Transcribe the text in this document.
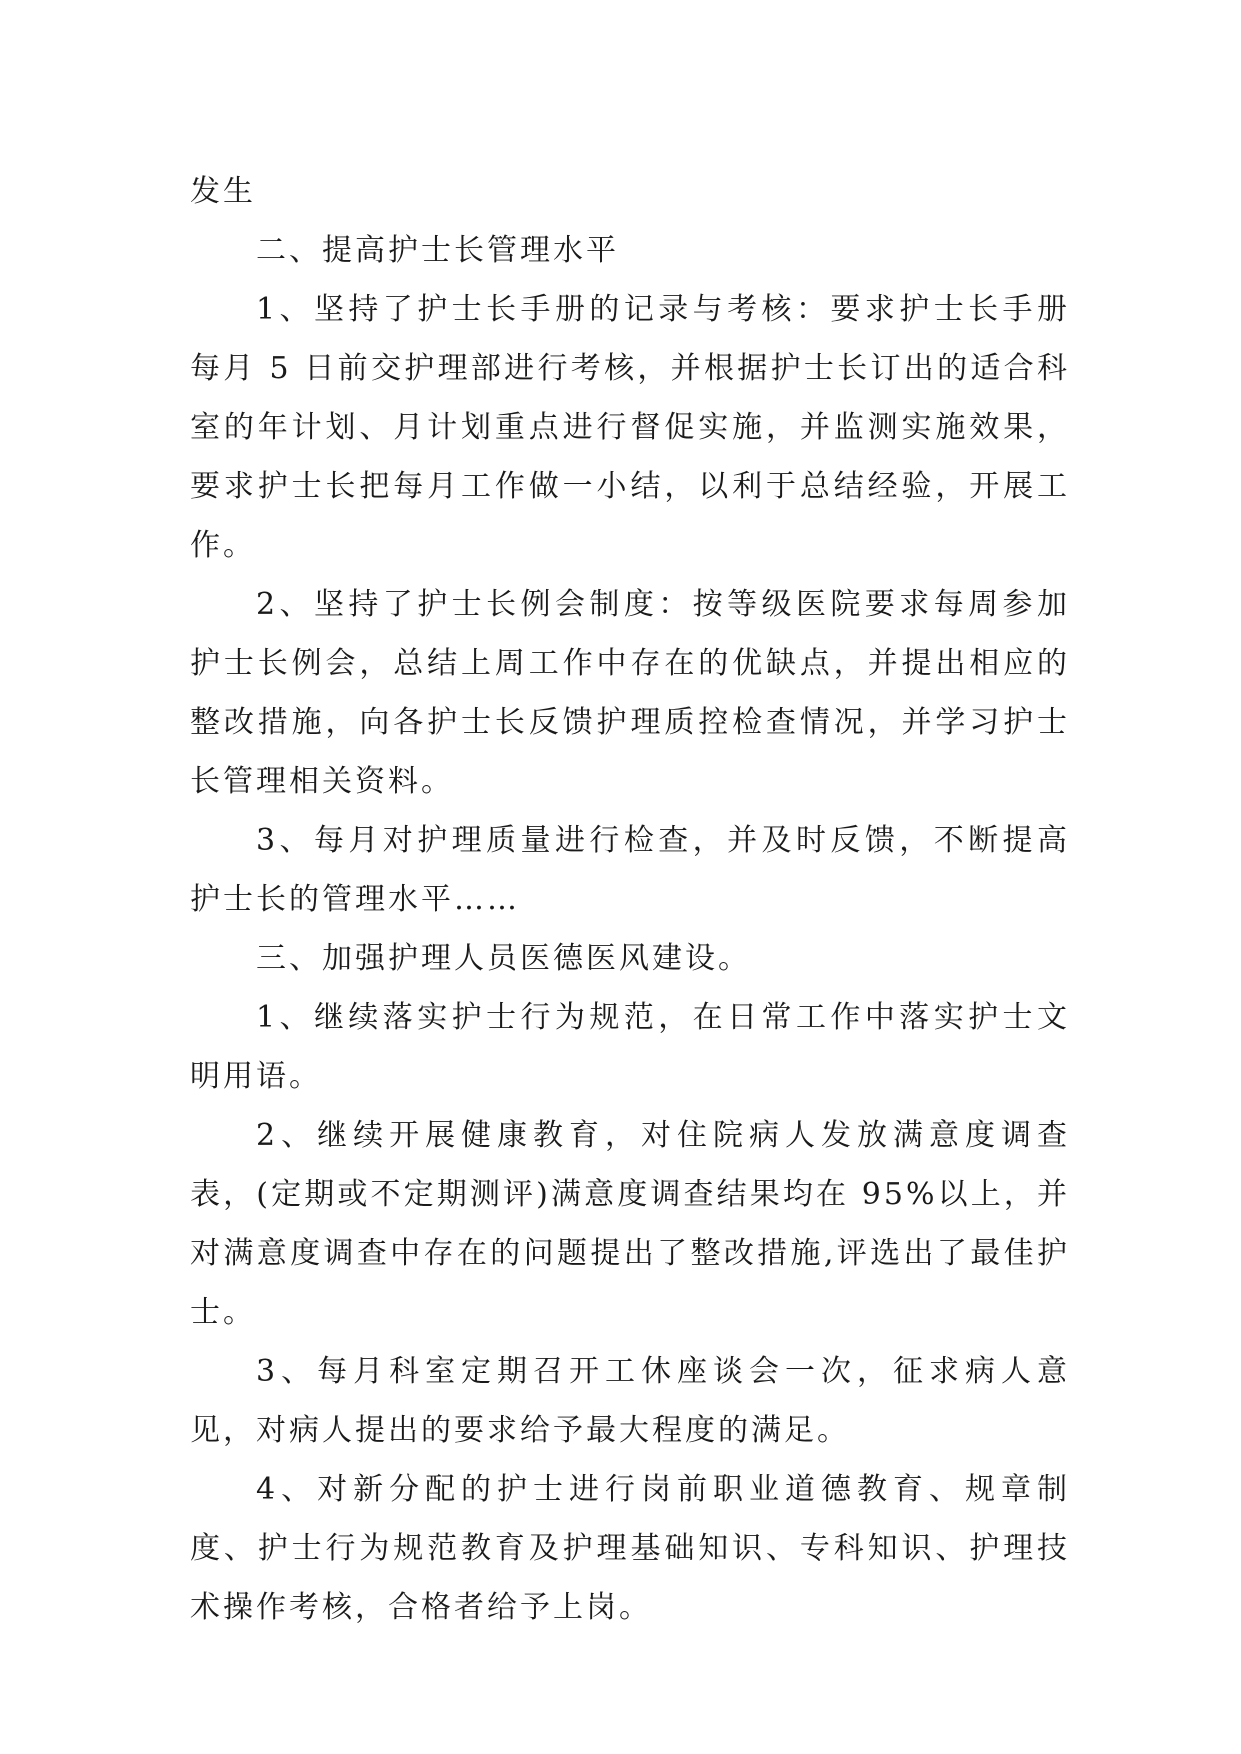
发生

二、提高护士长管理水平

1、坚持了护士长手册的记录与考核：要求护士长手册每月 5 日前交护理部进行考核，并根据护士长订出的适合科室的年计划、月计划重点进行督促实施，并监测实施效果，要求护士长把每月工作做一小结，以利于总结经验，开展工作。

2、坚持了护士长例会制度：按等级医院要求每周参加护士长例会，总结上周工作中存在的优缺点，并提出相应的整改措施，向各护士长反馈护理质控检查情况，并学习护士长管理相关资料。

3、每月对护理质量进行检查，并及时反馈，不断提高护士长的管理水平……

三、加强护理人员医德医风建设。

1、继续落实护士行为规范，在日常工作中落实护士文明用语。

2、继续开展健康教育，对住院病人发放满意度调查表，(定期或不定期测评)满意度调查结果均在 95%以上，并对满意度调查中存在的问题提出了整改措施,评选出了最佳护士。

3、每月科室定期召开工休座谈会一次，征求病人意见，对病人提出的要求给予最大程度的满足。

4、对新分配的护士进行岗前职业道德教育、规章制度、护士行为规范教育及护理基础知识、专科知识、护理技术操作考核，合格者给予上岗。
